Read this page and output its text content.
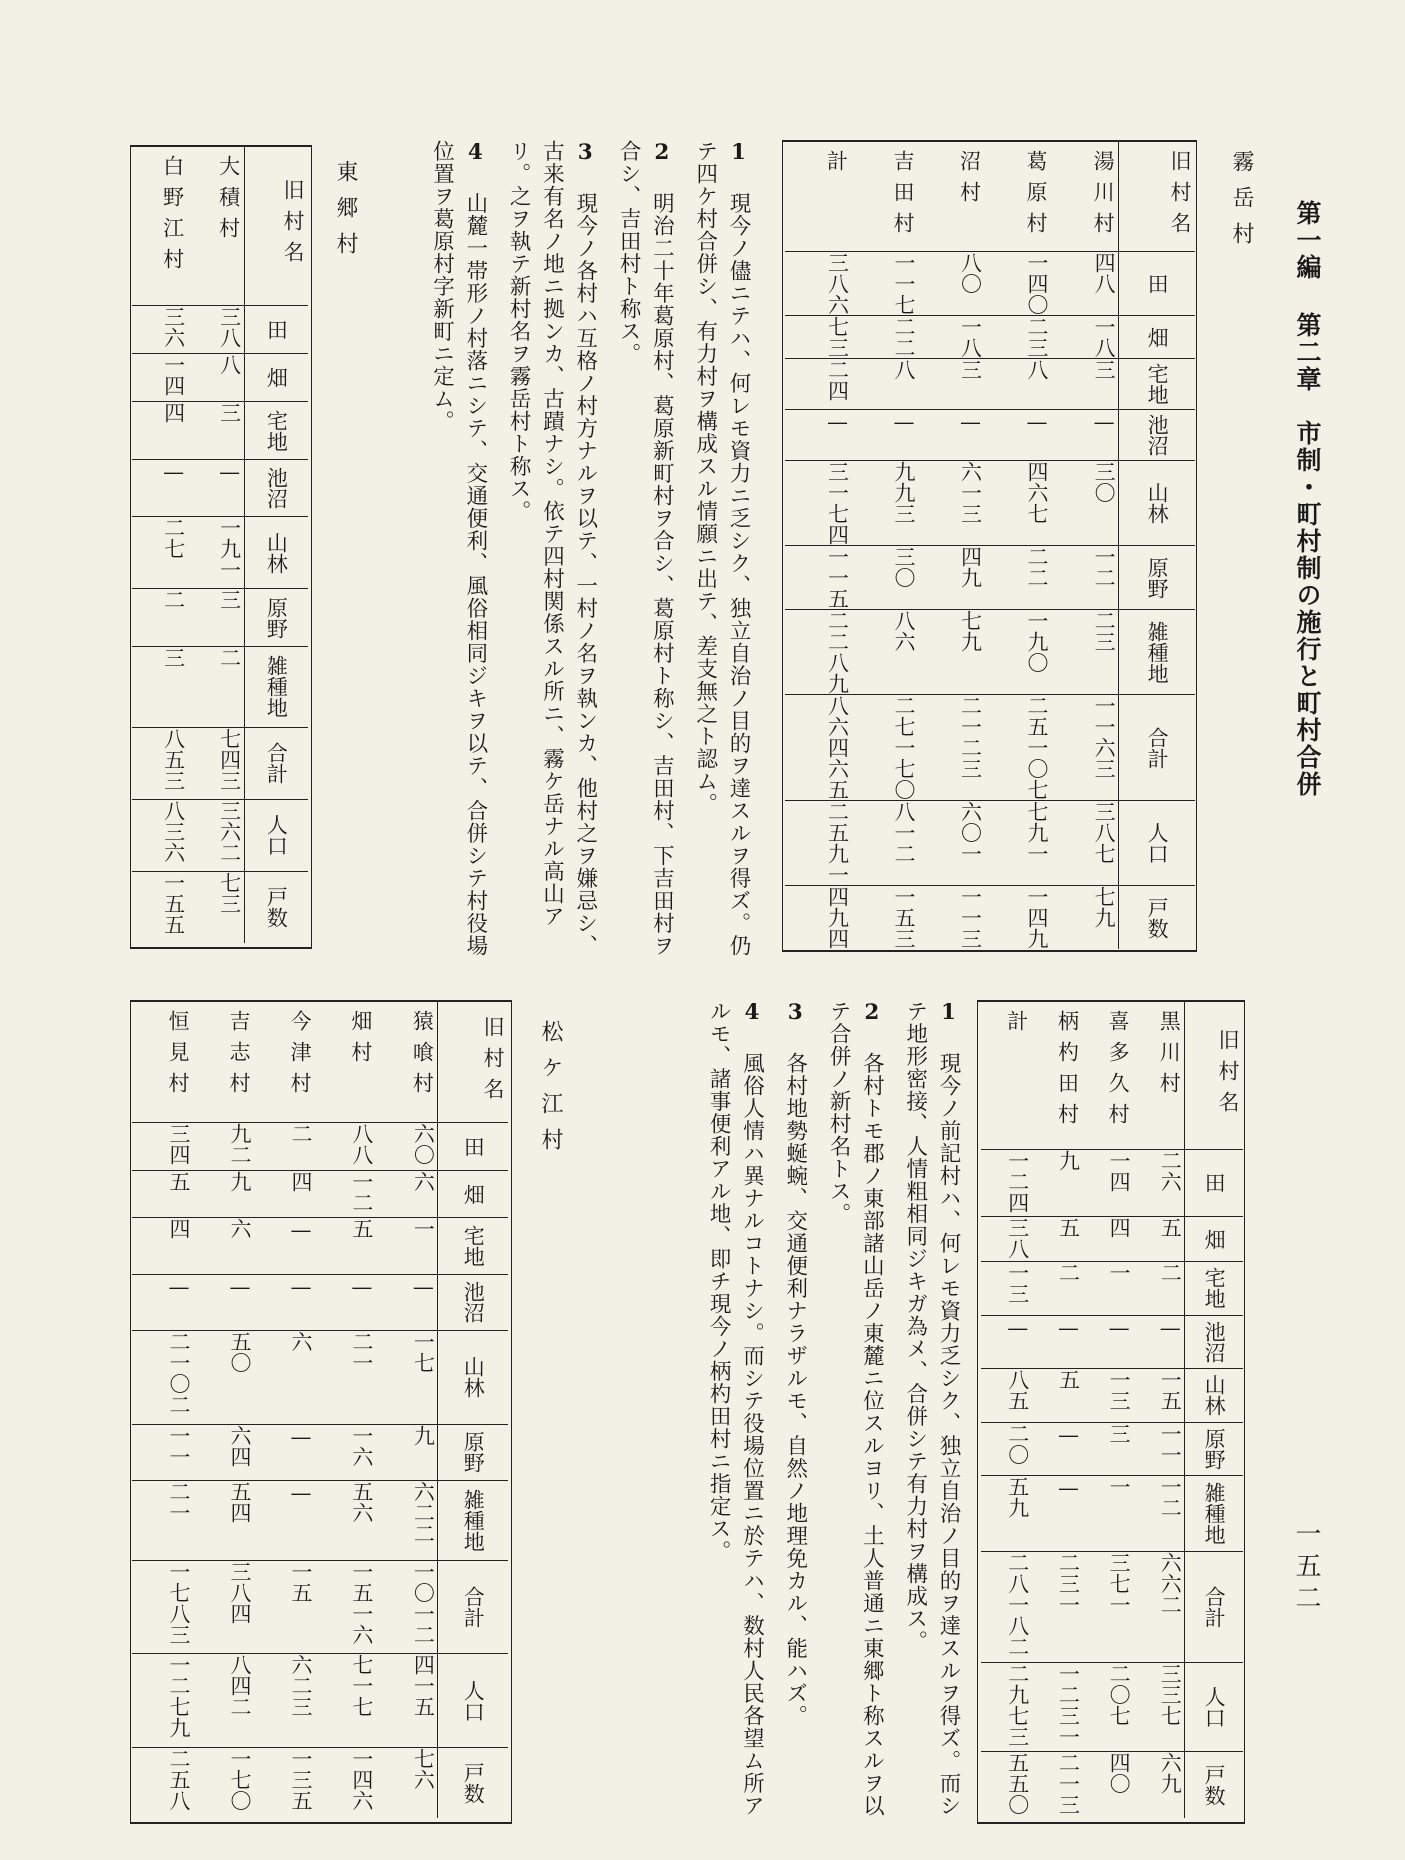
第一編 第二章　市制・町村制の施行と町村合併
一五二
霧岳村
旧村名	湯川村	葛原村	沼村	吉田村	計
田	四八	一四〇	八〇	一一七	三八六
畑	一八	二三	一八	二二	七三
宅地	三	八	三	八	二四
池沼	—	—	—	—	—
山林	三〇	四六七	六一三	九九三	三一七四
原野	一二	二二	四九	三〇	一一五
雑種地	二三	一九〇	七九	八六	二二八九
合計	一一六三	二五一〇七	二一二三	二七一七〇	八六四六五
人口	三八七	七九一	六〇一	八一二	二五九一
戸数	七九	一四九	一一三	一五三	四九四
1 現今ノ儘ニテハ、何レモ資力ニ乏シク、独立自治ノ目的ヲ達スルヲ得ズ。仍テ四ケ村合併シ、有力村ヲ構成スル情願ニ出テ、差支無之ト認ム。
2 明治二十年葛原村、葛原新町村ヲ合シ、葛原村ト称シ、吉田村、下吉田村ヲ合シ、吉田村ト称ス。
3 現今ノ各村ハ互格ノ村方ナルヲ以テ、一村ノ名ヲ執ンカ、他村之ヲ嫌忌シ、古来有名ノ地ニ拠ンカ、古蹟ナシ。依テ四村関係スル所ニ、霧ケ岳ナル高山アリ。之ヲ執テ新村名ヲ霧岳村ト称ス。
4 山麓一帯形ノ村落ニシテ、交通便利、風俗相同ジキヲ以テ、合併シテ村役場位置ヲ葛原村字新町ニ定ム。
東郷村
旧村名	大積村	白野江村
田	三八	三六
畑	八	一四
宅地	三	四
池沼	—	—
山林	一九一	二七
原野	三	二
雑種地	二	三
合計	七四三	八五三
人口	三六二	八三六
戸数	七三	一五五
旧村名	黒川村	喜多久村	柄杓田村	計
田	二六	一四	九	一二四
畑	五	四	五	三八
宅地	二	一	二	一三
池沼	—	—	—	—
山林	一五	一三	五	八五
原野	一一	三	—	二〇
雑種地	一二	一	—	五九
合計	六六二	三七一	二三一	二八一八二
人口	三三七	二〇七	一二三一	二九七三
戸数	六九	四〇	二一三	五五〇
1 現今ノ前記村ハ、何レモ資力乏シク、独立自治ノ目的ヲ達スルヲ得ズ。而シテ地形密接、人情粗相同ジキガ為メ、合併シテ有力村ヲ構成ス。
2 各村トモ郡ノ東部諸山岳ノ東麓ニ位スルヨリ、土人普通ニ東郷ト称スルヲ以テ合併ノ新村名トス。
3 各村地勢蜒蜿、交通便利ナラザルモ、自然ノ地理免カル、能ハズ。
4 風俗人情ハ異ナルコトナシ。而シテ役場位置ニ於テハ、数村人民各望ム所アルモ、諸事便利アル地、即チ現今ノ柄杓田村ニ指定ス。
松ケ江村
旧村名	猿喰村	畑村	今津村	吉志村	恒見村
田	六〇	八八	二	九二	三四
畑	六	一二	四	九	五
宅地	一	五	—	六	四
池沼	—	—	—	—	—
山林	一七	二一	六	五〇	二一〇二
原野	九	一六	—	六四	一一
雑種地	六二二	五六	—	五四	二一
合計	一〇一二	一五一六	一五	三八四	一七八三
人口	四一五	七一七	六二三	八四二	一二七九
戸数	七六	一四六	一三五	一七〇	二五八
